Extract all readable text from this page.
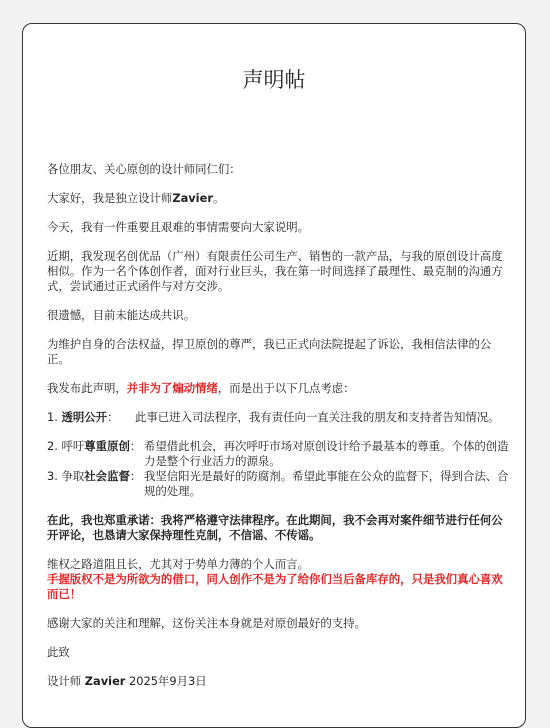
声明帖

各位朋友、关心原创的设计师同仁们：

大家好，我是独立设计师Zavier。

今天，我有一件重要且艰难的事情需要向大家说明。

近期，我发现名创优品（广州）有限责任公司生产、销售的一款产品，与我的原创设计高度相似。作为一名个体创作者，面对行业巨头，我在第一时间选择了最理性、最克制的沟通方式，尝试通过正式函件与对方交涉。

很遗憾，目前未能达成共识。

为维护自身的合法权益，捍卫原创的尊严，我已正式向法院提起了诉讼，我相信法律的公正。

我发布此声明，并非为了煽动情绪，而是出于以下几点考虑：

1. 透明公开：	此事已进入司法程序，我有责任向一直关注我的朋友和支持者告知情况。
2. 呼吁尊重原创： 希望借此机会，再次呼吁市场对原创设计给予最基本的尊重。个体的创造力是整个行业活力的源泉。
3. 争取社会监督： 我坚信阳光是最好的防腐剂。希望此事能在公众的监督下，得到合法、合规的处理。

在此，我也郑重承诺：我将严格遵守法律程序。在此期间，我不会再对案件细节进行任何公开评论，也恳请大家保持理性克制，不信谣、不传谣。

维权之路道阻且长，尤其对于势单力薄的个人而言。

手握版权不是为所欲为的借口，同人创作不是为了给你们当后备库存的，只是我们真心喜欢而已！

感谢大家的关注和理解，这份关注本身就是对原创最好的支持。

此致

设计师 Zavier 2025年9月3日
